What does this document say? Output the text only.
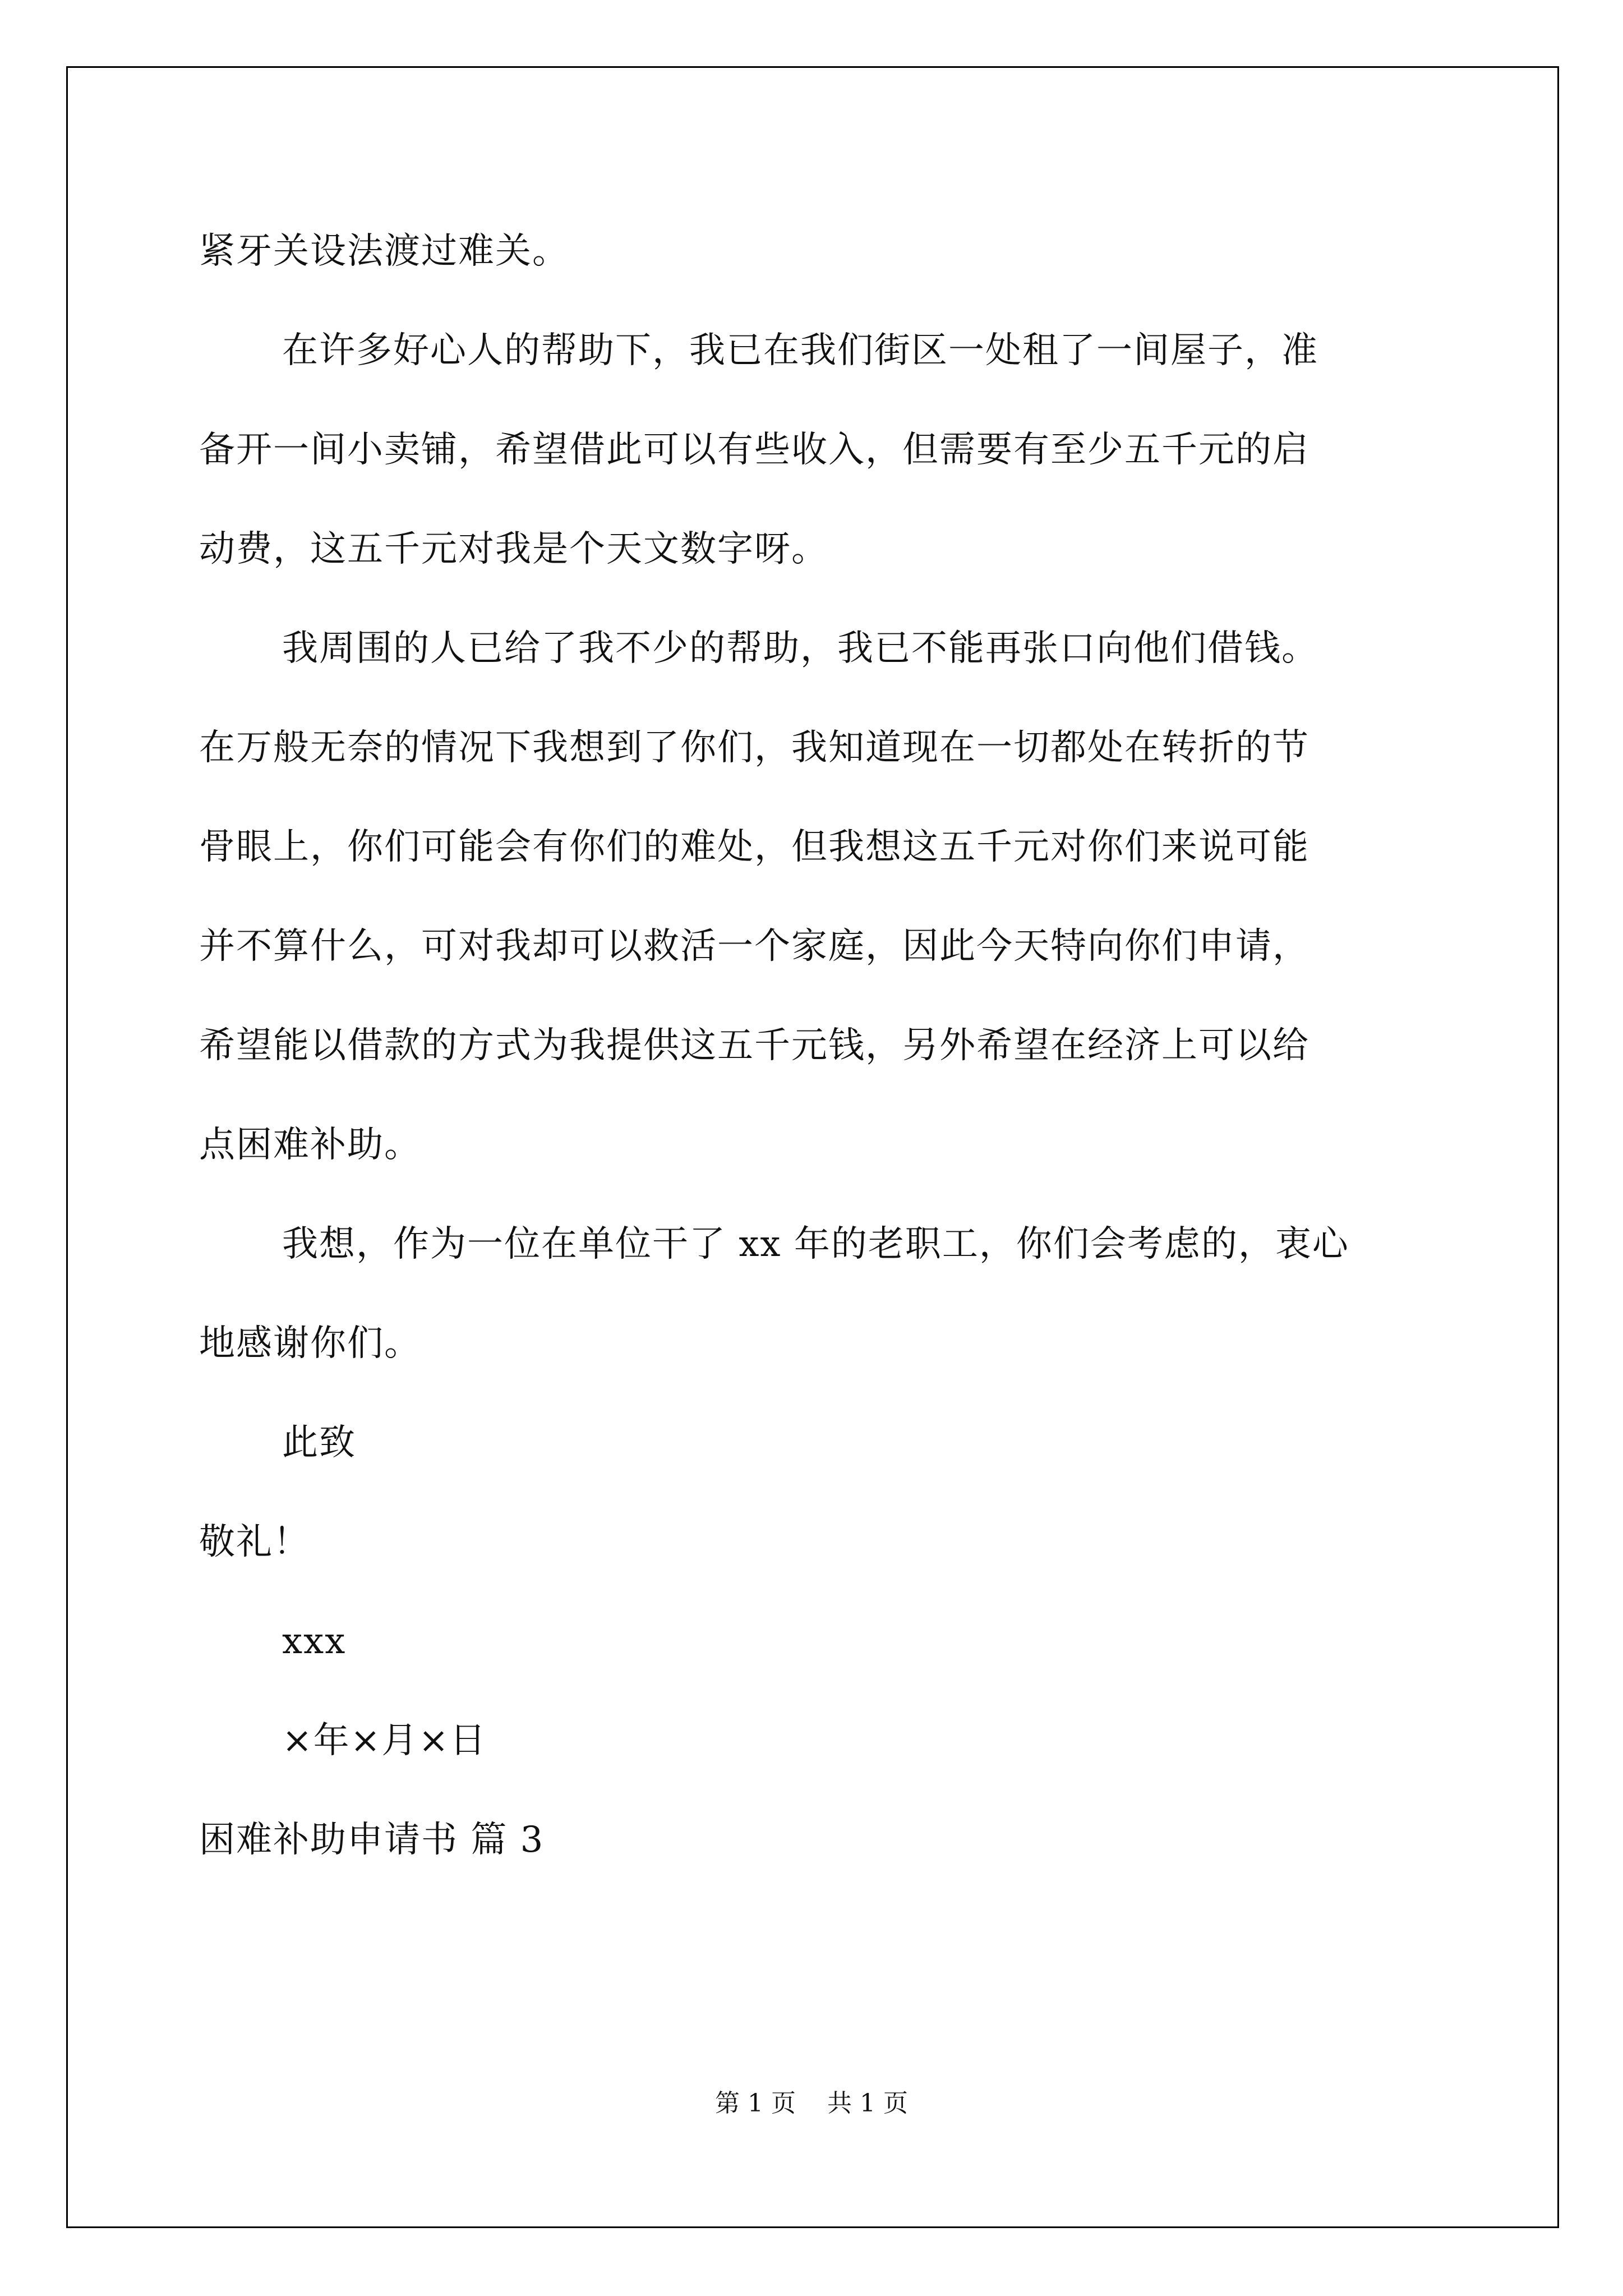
紧牙关设法渡过难关。
在许多好心人的帮助下，我已在我们街区一处租了一间屋子，准
备开一间小卖铺，希望借此可以有些收入，但需要有至少五千元的启
动费，这五千元对我是个天文数字呀。
我周围的人已给了我不少的帮助，我已不能再张口向他们借钱。
在万般无奈的情况下我想到了你们，我知道现在一切都处在转折的节
骨眼上，你们可能会有你们的难处，但我想这五千元对你们来说可能
并不算什么，可对我却可以救活一个家庭，因此今天特向你们申请，
希望能以借款的方式为我提供这五千元钱，另外希望在经济上可以给
点困难补助。
我想，作为一位在单位干了 xx 年的老职工，你们会考虑的，衷心
地感谢你们。
此致
敬礼！
xxx
×年×月×日
困难补助申请书 篇 3
第 1 页 共 1 页
